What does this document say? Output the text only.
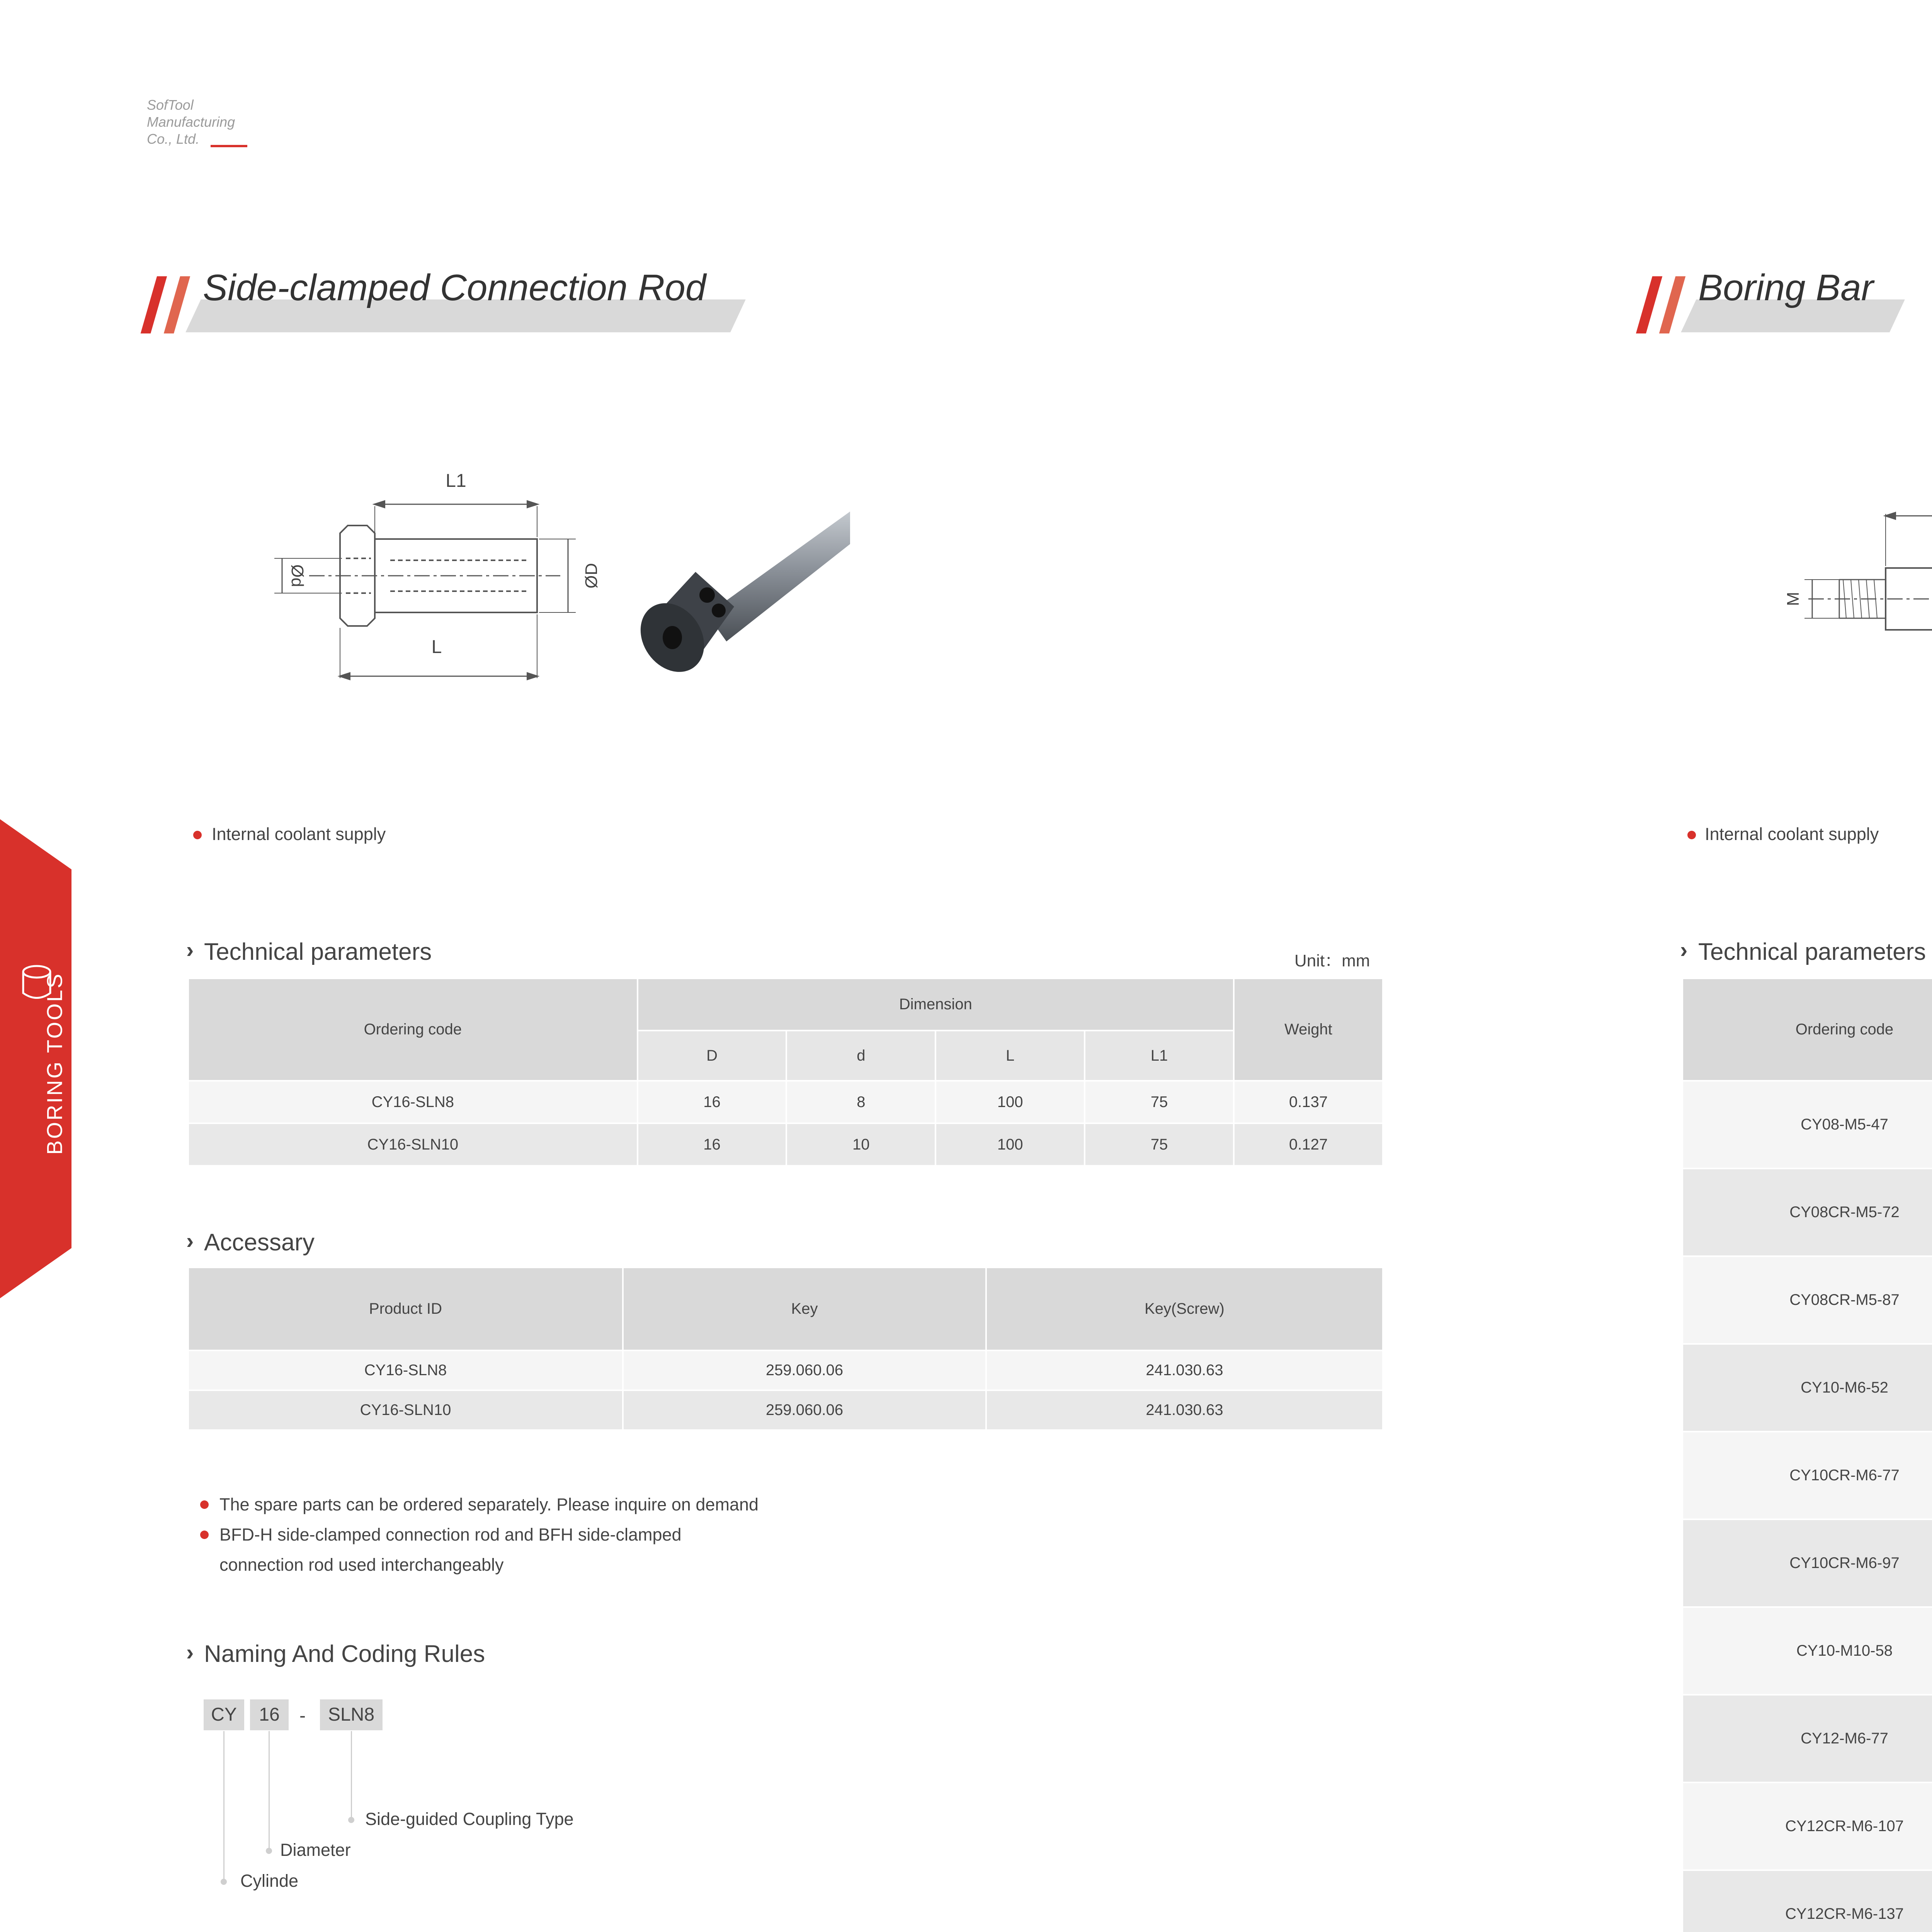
SofTool
Manufacturing
Co., Ltd.
BORING TOOLS
Side-clamped Connection Rod	Boring Bar
L1
L
Ød	ØD
M
Internal coolant supply	Internal coolant supply
› Technical parameters	Unit：mm
Ordering code	Dimension				Weight
	D	d	L	L1	
CY16-SLN8	16	8	100	75	0.137
CY16-SLN10	16	10	100	75	0.127
› Accessary
Product ID	Key	Key(Screw)
CY16-SLN8	259.060.06	241.030.63
CY16-SLN10	259.060.06	241.030.63
The spare parts can be ordered separately. Please inquire on demand
BFD-H side-clamped connection rod and BFH side-clamped
connection rod used interchangeably
› Naming And Coding Rules
CY	16	-	SLN8
Side-guided Coupling Type
Diameter
Cylinde
› Technical parameters
Ordering code			

CY08-M5-47				

CY08CR-M5-72				
CY08CR-M5-87				
CY10-M6-52				

CY10CR-M6-77				
CY10CR-M6-97				
CY10-M10-58				

CY12-M6-77				

CY12CR-M6-107				
CY12CR-M6-137				
